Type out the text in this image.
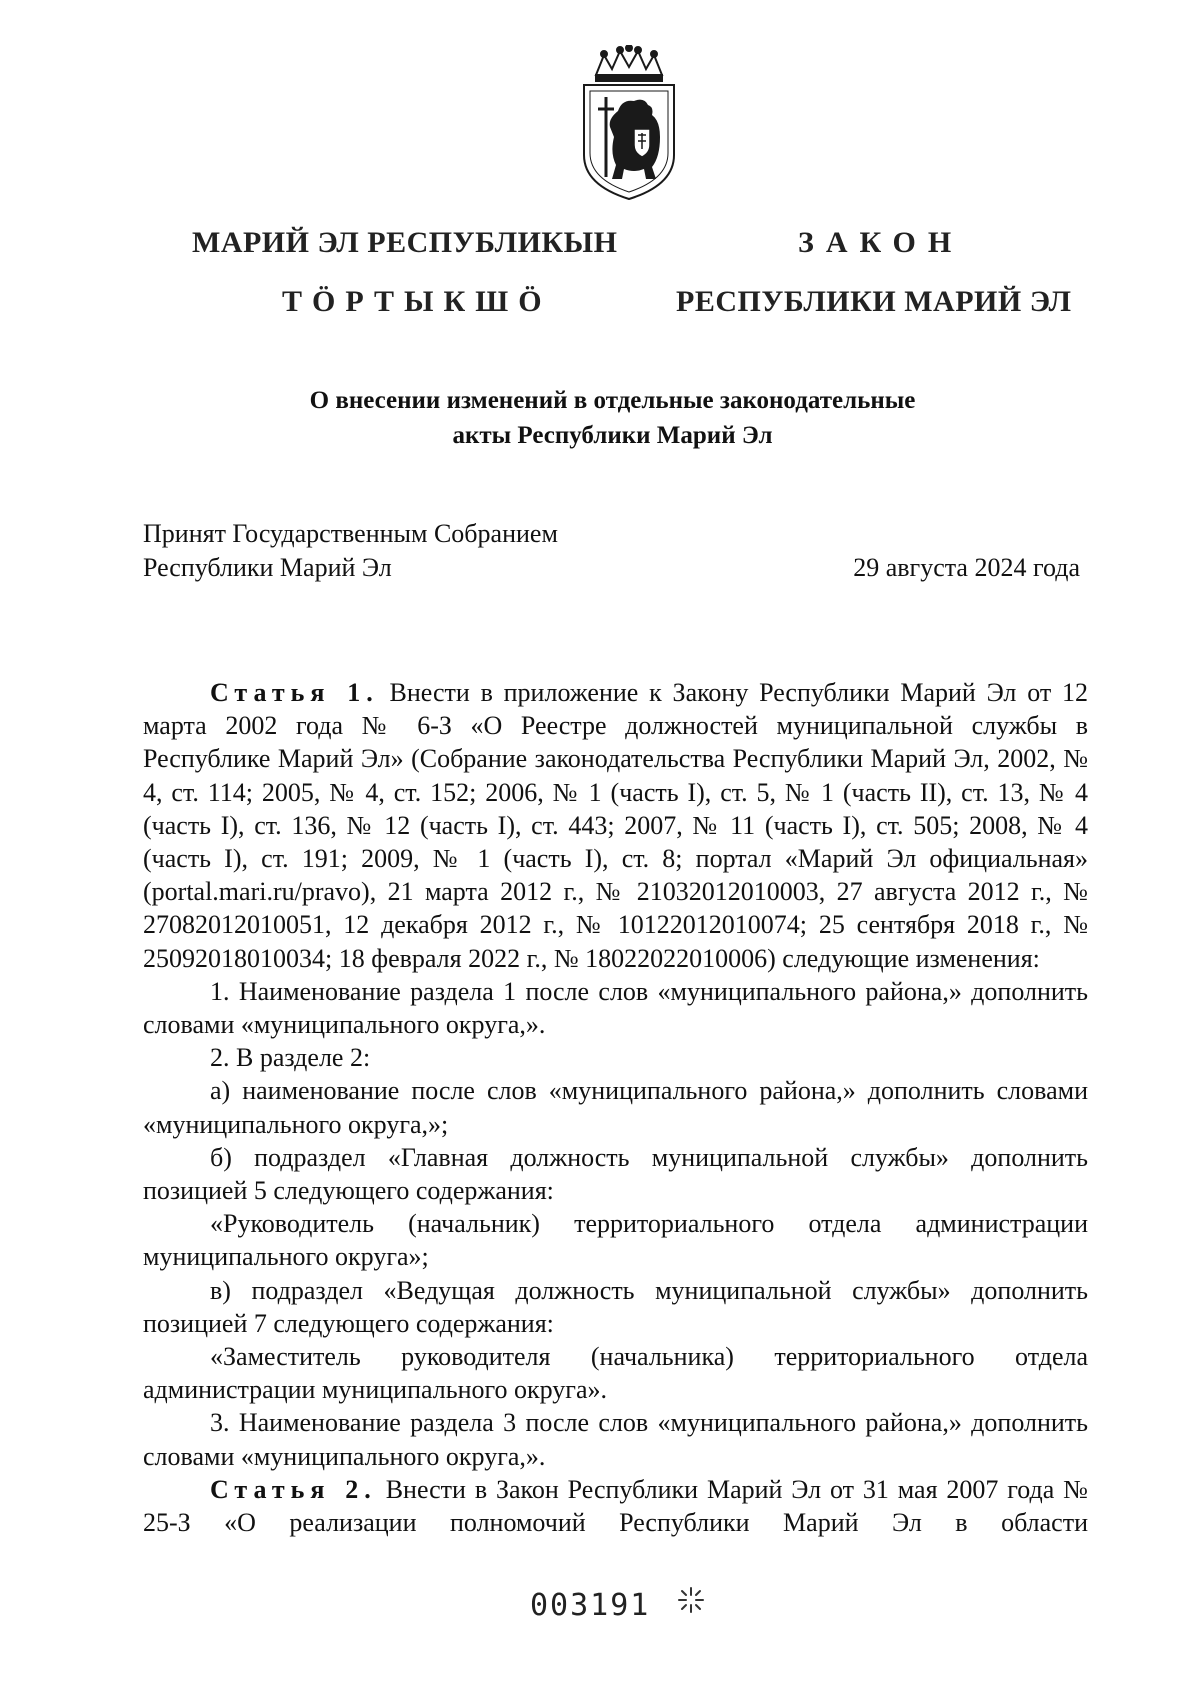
МАРИЙ ЭЛ РЕСПУБЛИКЫН
ТӦРТЫКШӦ
ЗАКОН
РЕСПУБЛИКИ МАРИЙ ЭЛ
О внесении изменений в отдельные законодательные
акты Республики Марий Эл
Принят Государственным Собранием
Республики Марий Эл	29 августа 2024 года

Статья 1. Внести в приложение к Закону Республики Марий Эл от 12 марта 2002 года № 6-З «О Реестре должностей муниципальной службы в Республике Марий Эл» (Собрание законодательства Республики Марий Эл, 2002, № 4, ст. 114; 2005, № 4, ст. 152; 2006, № 1 (часть I), ст. 5, № 1 (часть II), ст. 13, № 4 (часть I), ст. 136, № 12 (часть I), ст. 443; 2007, № 11 (часть I), ст. 505; 2008, № 4 (часть I), ст. 191; 2009, № 1 (часть I), ст. 8; портал «Марий Эл официальная» (portal.mari.ru/pravo), 21 марта 2012 г., № 21032012010003, 27 августа 2012 г., № 27082012010051, 12 декабря 2012 г., № 10122012010074; 25 сентября 2018 г., № 25092018010034; 18 февраля 2022 г., № 18022022010006) следующие изменения:

1. Наименование раздела 1 после слов «муниципального района,» дополнить словами «муниципального округа,».

2. В разделе 2:

а) наименование после слов «муниципального района,» дополнить словами «муниципального округа,»;

б) подраздел «Главная должность муниципальной службы» дополнить позицией 5 следующего содержания:

«Руководитель (начальник) территориального отдела администрации муниципального округа»;

в) подраздел «Ведущая должность муниципальной службы» дополнить позицией 7 следующего содержания:

«Заместитель руководителя (начальника) территориального отдела администрации муниципального округа».

3. Наименование раздела 3 после слов «муниципального района,» дополнить словами «муниципального округа,».

Статья 2. Внести в Закон Республики Марий Эл от 31 мая 2007 года № 25-З «О реализации полномочий Республики Марий Эл в области

003191
